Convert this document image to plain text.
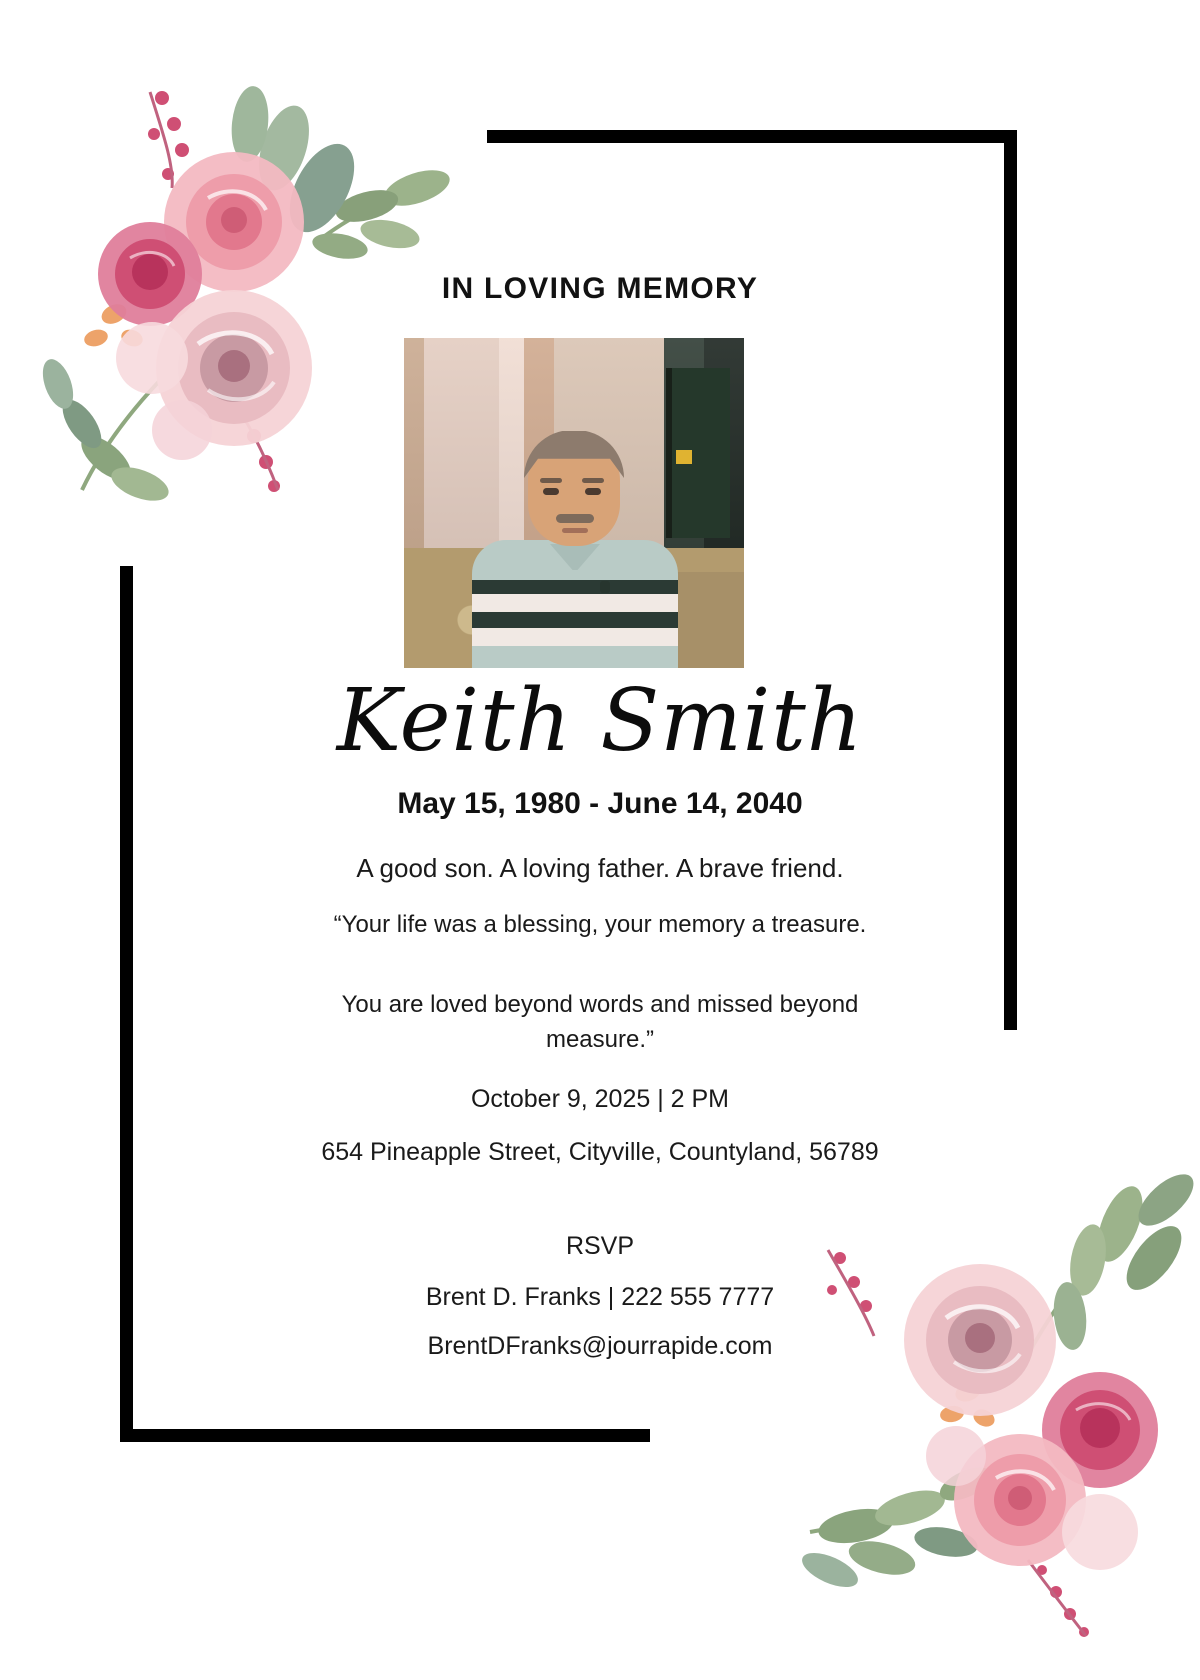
IN LOVING MEMORY
Keith Smith
May 15, 1980 - June 14, 2040
A good son. A loving father. A brave friend.
“Your life was a blessing, your memory a treasure.
You are loved beyond words and missed beyond measure.”
October 9, 2025 | 2 PM
654 Pineapple Street, Cityville, Countyland, 56789
RSVP
Brent D. Franks | 222 555 7777
BrentDFranks@jourrapide.com
